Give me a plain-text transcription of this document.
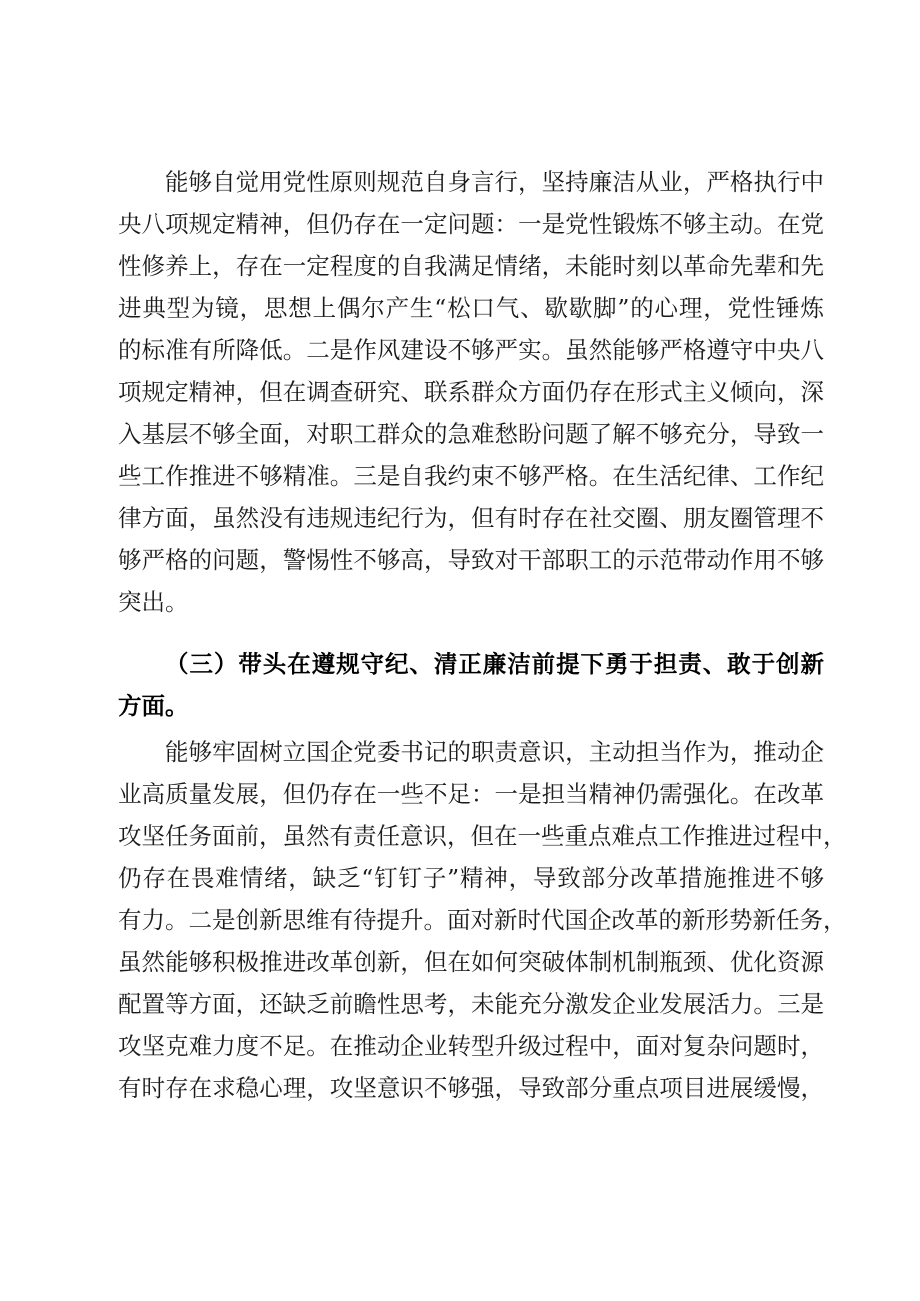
能够自觉用党性原则规范自身言行，坚持廉洁从业，严格执行中
央八项规定精神，但仍存在一定问题：一是党性锻炼不够主动。在党
性修养上，存在一定程度的自我满足情绪，未能时刻以革命先辈和先
进典型为镜，思想上偶尔产生“松口气、歇歇脚”的心理，党性锤炼
的标准有所降低。二是作风建设不够严实。虽然能够严格遵守中央八
项规定精神，但在调查研究、联系群众方面仍存在形式主义倾向，深
入基层不够全面，对职工群众的急难愁盼问题了解不够充分，导致一
些工作推进不够精准。三是自我约束不够严格。在生活纪律、工作纪
律方面，虽然没有违规违纪行为，但有时存在社交圈、朋友圈管理不
够严格的问题，警惕性不够高，导致对干部职工的示范带动作用不够
突出。
（三）带头在遵规守纪、清正廉洁前提下勇于担责、敢于创新
方面。
能够牢固树立国企党委书记的职责意识，主动担当作为，推动企
业高质量发展，但仍存在一些不足：一是担当精神仍需强化。在改革
攻坚任务面前，虽然有责任意识，但在一些重点难点工作推进过程中，
仍存在畏难情绪，缺乏“钉钉子”精神，导致部分改革措施推进不够
有力。二是创新思维有待提升。面对新时代国企改革的新形势新任务，
虽然能够积极推进改革创新，但在如何突破体制机制瓶颈、优化资源
配置等方面，还缺乏前瞻性思考，未能充分激发企业发展活力。三是
攻坚克难力度不足。在推动企业转型升级过程中，面对复杂问题时，
有时存在求稳心理，攻坚意识不够强，导致部分重点项目进展缓慢，
